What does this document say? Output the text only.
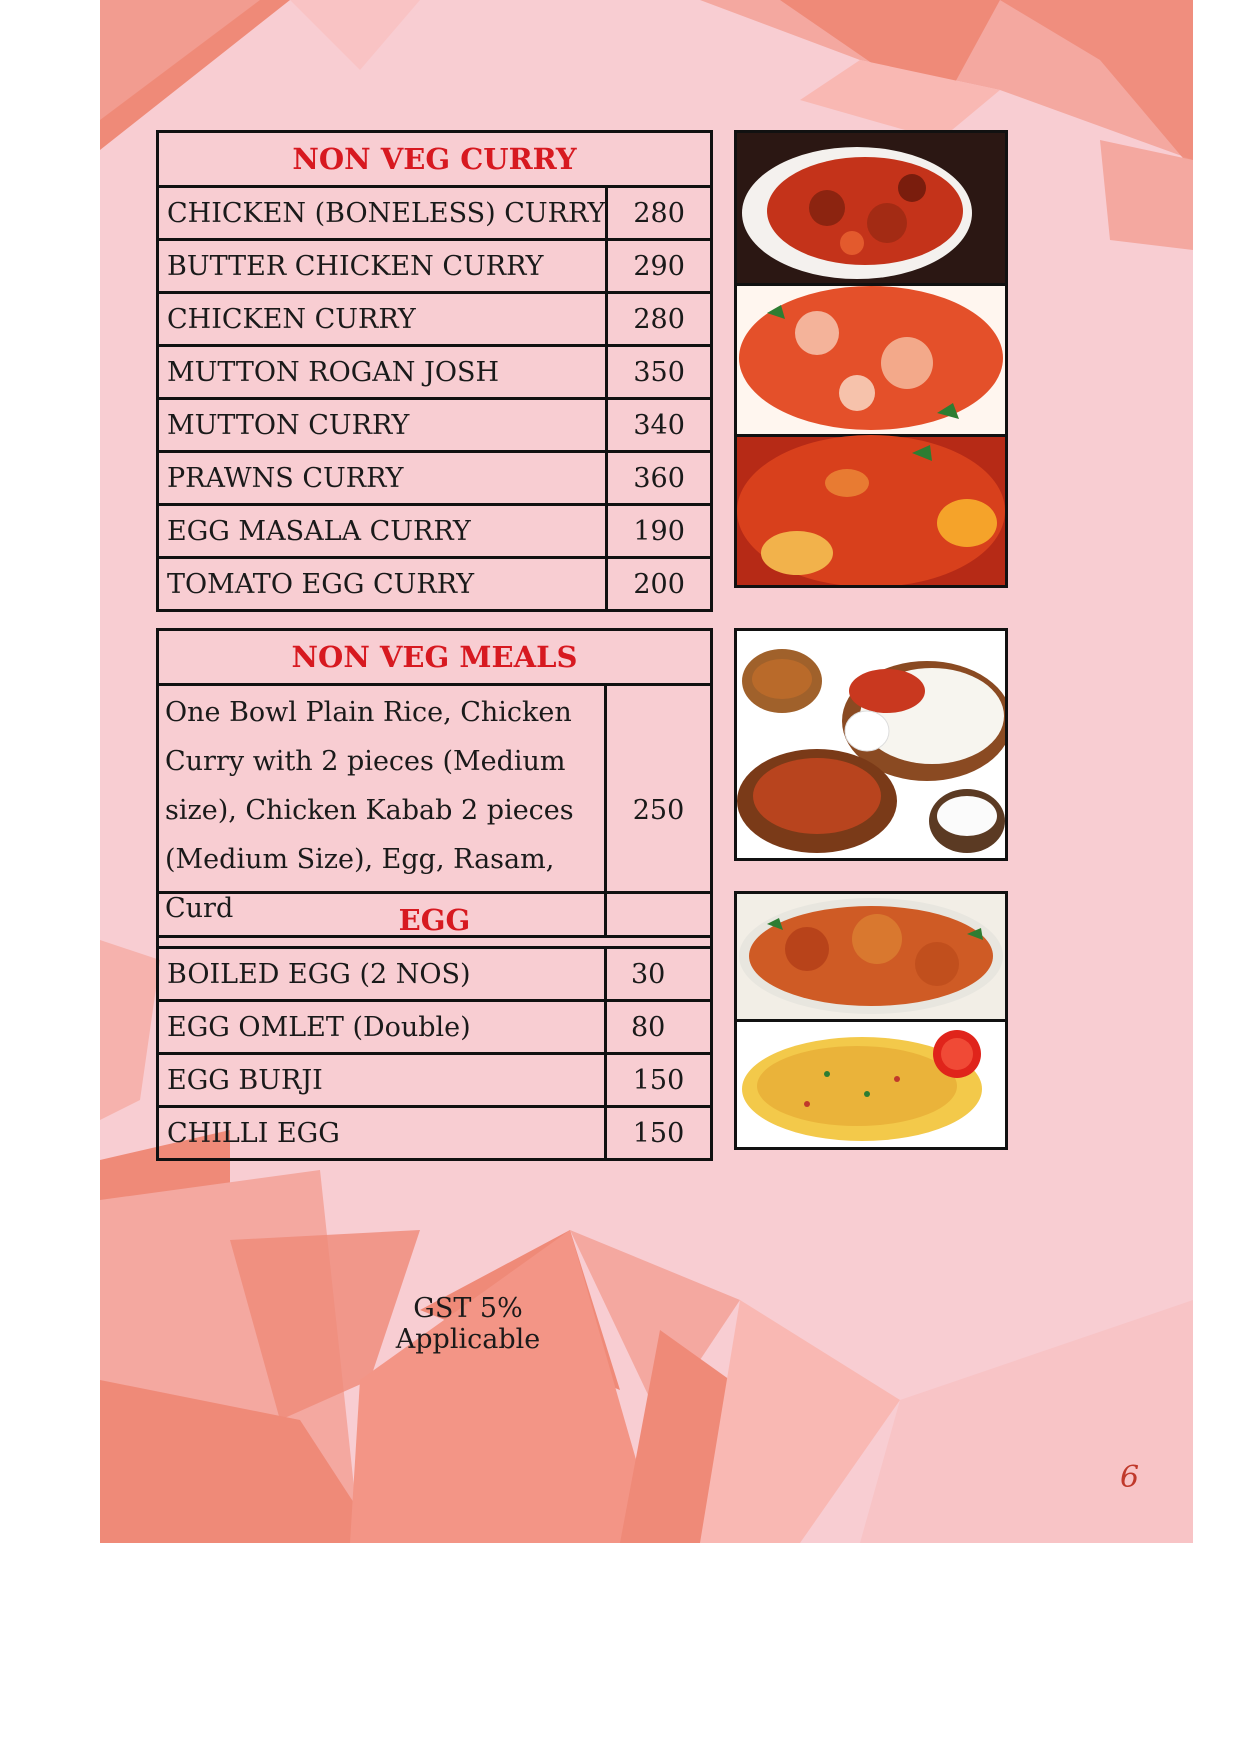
NON VEG CURRY	
CHICKEN (BONELESS) CURRY	280
BUTTER CHICKEN CURRY	290
CHICKEN CURRY	280
MUTTON ROGAN JOSH	350
MUTTON CURRY	340
PRAWNS CURRY	360
EGG MASALA CURRY	190
TOMATO EGG CURRY	200
NON VEG MEALS
One Bowl Plain Rice, Chicken Curry with 2 pieces (Medium size), Chicken Kabab 2 pieces (Medium Size), Egg, Rasam, Curd	250
EGG	
BOILED EGG (2 NOS)	30
EGG OMLET (Double)	80
EGG BURJI	150
CHILLI EGG	150
GST 5% Applicable
6
